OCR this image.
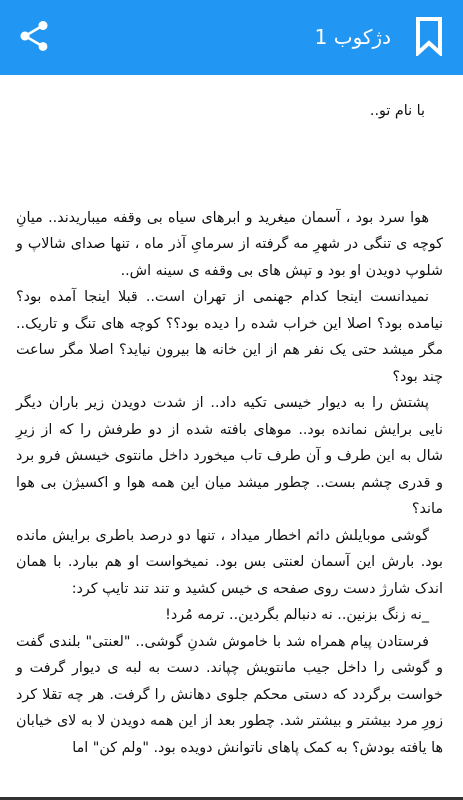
دژکوب 1
با نام تو..

هوا سرد بود ، آسمان میغرید و ابرهای سیاه بی وقفه میباریدند.. میانِ کوچه ی تنگی در شهرِ مه گرفته از سرمایِ آذر ماه ، تنها صدای شالاپ و شلوپ دویدن او بود و تپش های بی وقفه ی سینه اش..

نمیدانست اینجا کدام جهنمی از تهران است.. قبلا اینجا آمده بود؟ نیامده بود؟ اصلا این خراب شده را دیده بود؟؟ کوچه های تنگ و تاریک.. مگر میشد حتی یک نفر هم از این خانه ها بیرون نیاید؟ اصلا مگر ساعت چند بود؟

پشتش را به دیوار خیسی تکیه داد.. از شدت دویدن زیر باران دیگر نایی برایش نمانده بود.. موهای بافته شده از دو طرفش را که از زیرِ شال به این طرف و آن طرف تاب میخورد داخل مانتوی خیسش فرو برد و قدری چشم بست.. چطور میشد میان این همه هوا و اکسیژن بی هوا ماند؟

گوشی موبایلش دائم اخطار میداد ، تنها دو درصد باطری برایش مانده بود. بارش این آسمان لعنتی بس بود. نمیخواست او هم ببارد. با همان اندک شارژ دست روی صفحه ی خیس کشید و تند تند تایپ کرد:

_نه زنگ بزنین.. نه دنبالم بگردین.. ترمه مُرد!

فرستادن پیام همراه شد با خاموش شدنِ گوشی.. "لعنتی" بلندی گفت و گوشی را داخل جیب مانتویش چپاند. دست به لبه ی دیوار گرفت و خواست برگردد که دستی محکم جلوی دهانش را گرفت. هر چه تقلا کرد زورِ مرد بیشتر و بیشتر شد. چطور بعد از این همه دویدن لا به لای خیابان ها یافته بودش؟ به کمک پاهای ناتوانش دویده بود. "ولم کن" اما
